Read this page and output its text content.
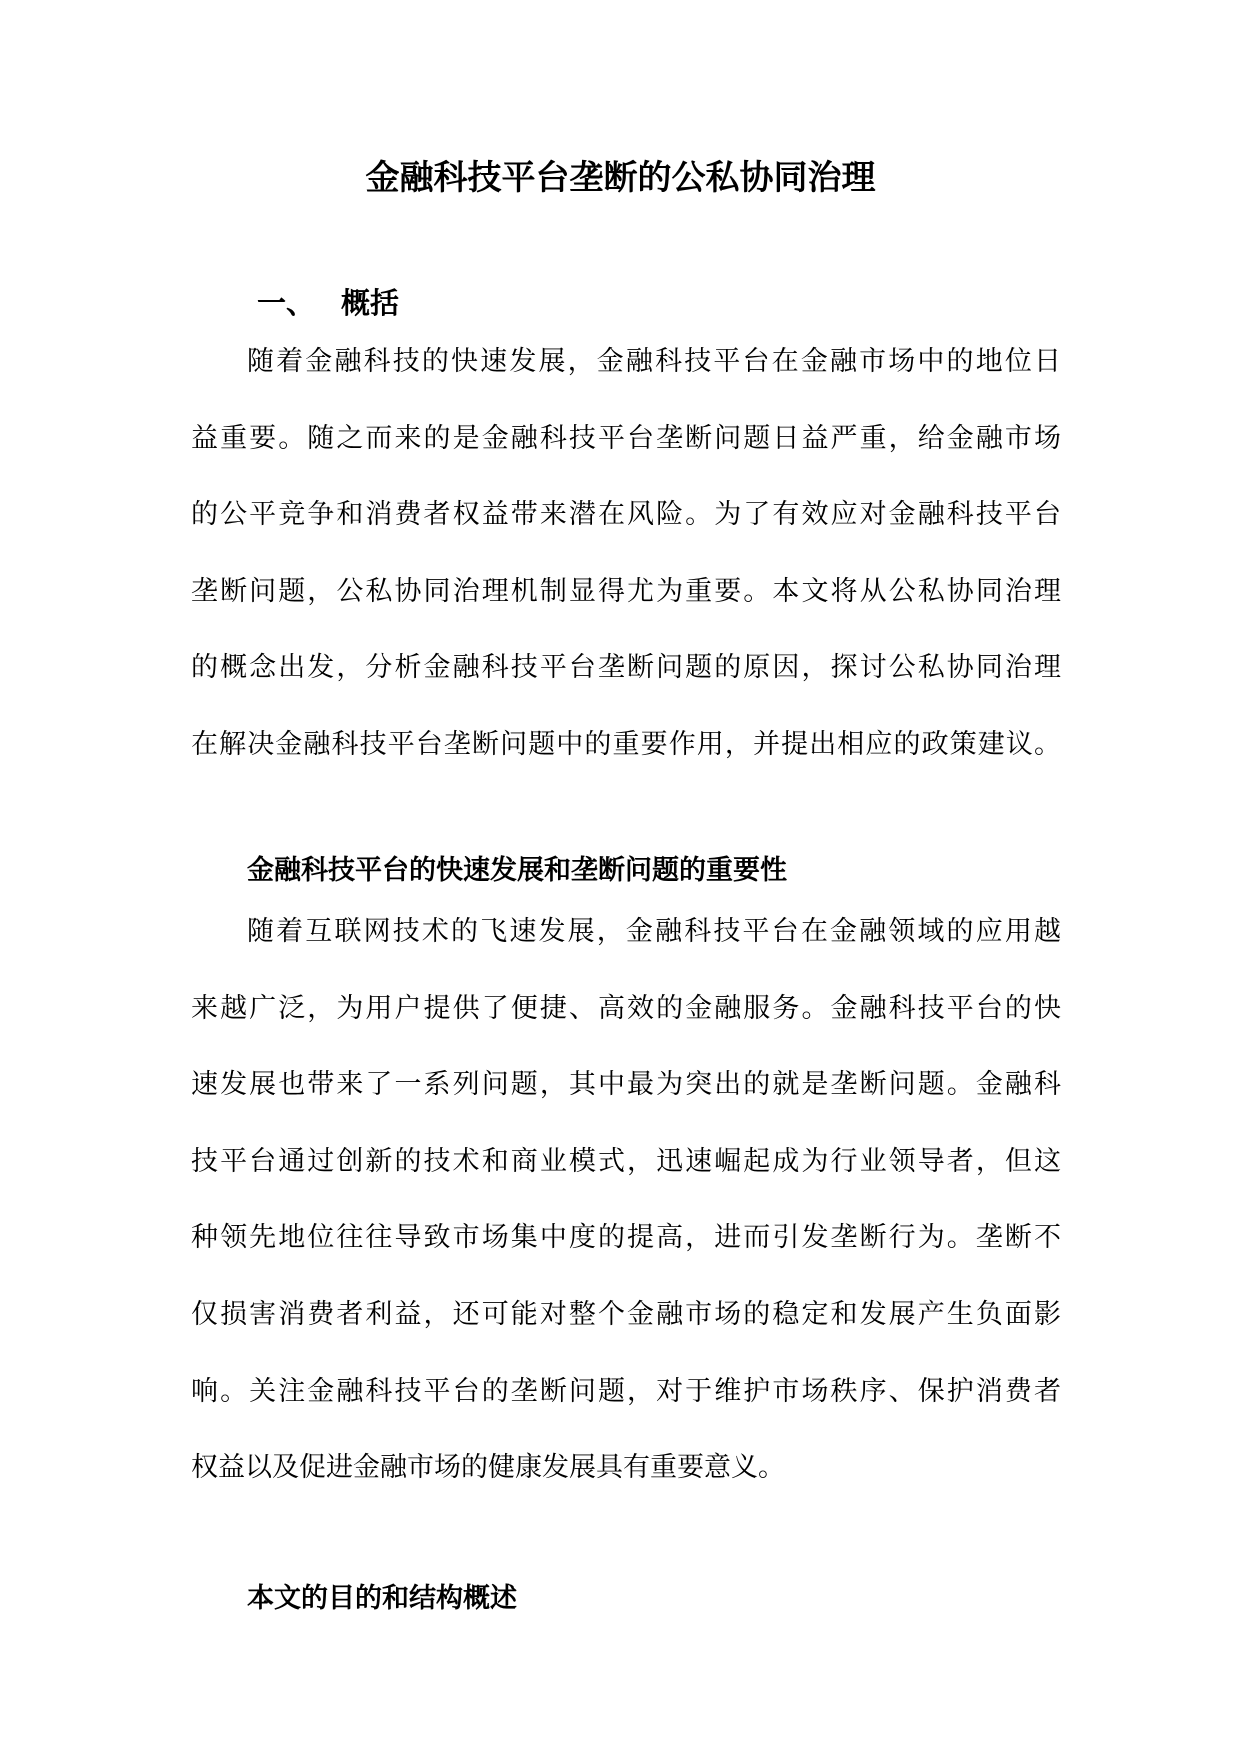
金融科技平台垄断的公私协同治理
一、 概括
随着金融科技的快速发展，金融科技平台在金融市场中的地位日
益重要。随之而来的是金融科技平台垄断问题日益严重，给金融市场
的公平竞争和消费者权益带来潜在风险。为了有效应对金融科技平台
垄断问题，公私协同治理机制显得尤为重要。本文将从公私协同治理
的概念出发，分析金融科技平台垄断问题的原因，探讨公私协同治理
在解决金融科技平台垄断问题中的重要作用，并提出相应的政策建议。
金融科技平台的快速发展和垄断问题的重要性
随着互联网技术的飞速发展，金融科技平台在金融领域的应用越
来越广泛，为用户提供了便捷、高效的金融服务。金融科技平台的快
速发展也带来了一系列问题，其中最为突出的就是垄断问题。金融科
技平台通过创新的技术和商业模式，迅速崛起成为行业领导者，但这
种领先地位往往导致市场集中度的提高，进而引发垄断行为。垄断不
仅损害消费者利益，还可能对整个金融市场的稳定和发展产生负面影
响。关注金融科技平台的垄断问题，对于维护市场秩序、保护消费者
权益以及促进金融市场的健康发展具有重要意义。
本文的目的和结构概述
